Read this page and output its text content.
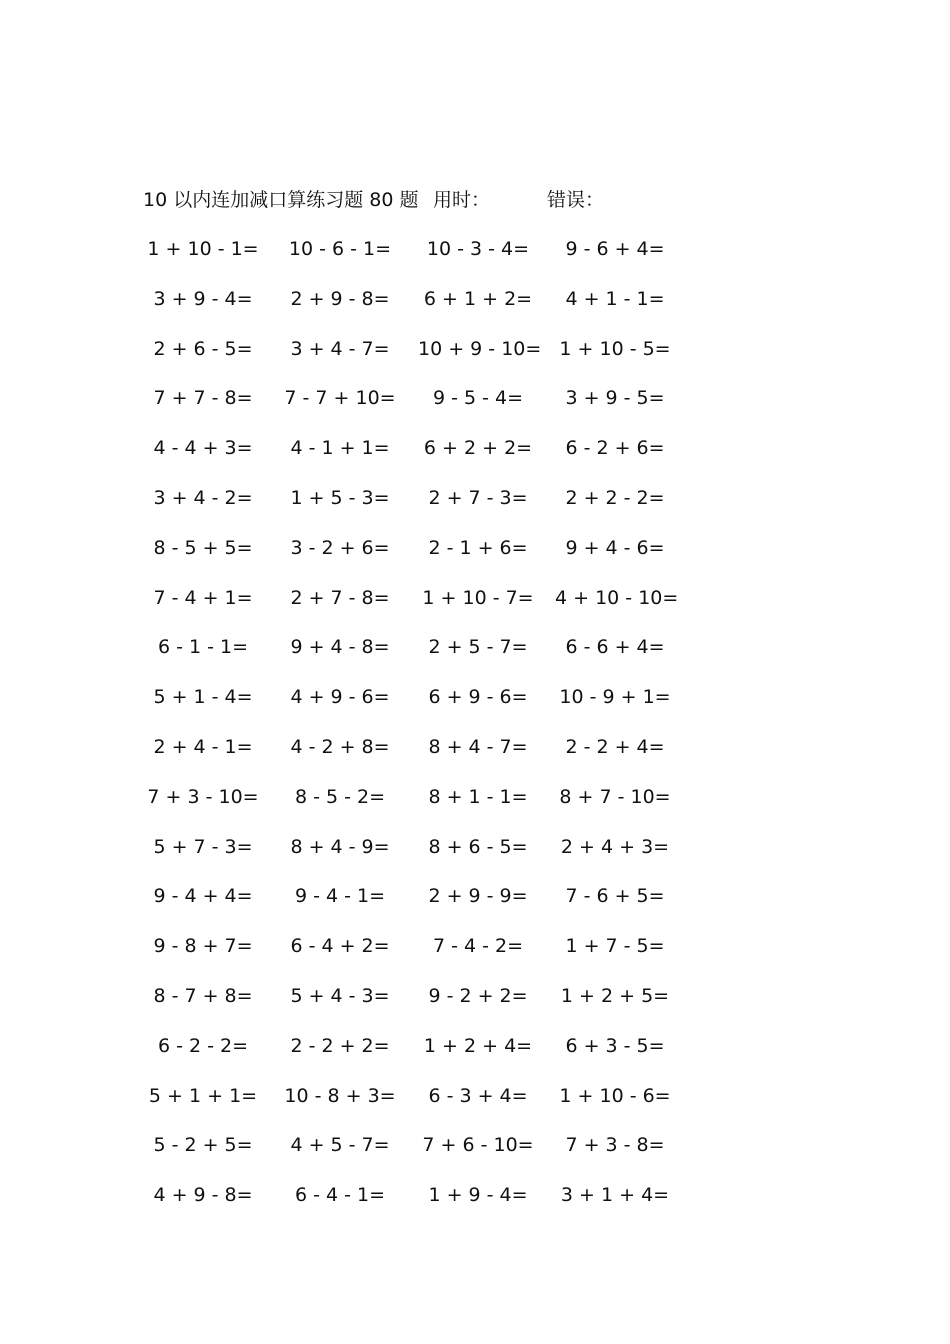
10 以内连加减口算练习题 80 题 用时：	错误：
1 + 10 - 1=	10 - 6 - 1=	10 - 3 - 4=	9 - 6 + 4=
3 + 9 - 4=	2 + 9 - 8=	6 + 1 + 2=	4 + 1 - 1=
2 + 6 - 5=	3 + 4 - 7=	10 + 9 - 10= 1 + 10 - 5=
7 + 7 - 8=	7 - 7 + 10=	9 - 5 - 4=	3 + 9 - 5=
4 - 4 + 3=	4 - 1 + 1=	6 + 2 + 2=	6 - 2 + 6=
3 + 4 - 2=	1 + 5 - 3=	2 + 7 - 3=	2 + 2 - 2=
8 - 5 + 5=	3 - 2 + 6=	2 - 1 + 6=	9 + 4 - 6=
7 - 4 + 1=	2 + 7 - 8=	1 + 10 - 7= 4 + 10 - 10=
6 - 1 - 1=	9 + 4 - 8=	2 + 5 - 7=	6 - 6 + 4=
5 + 1 - 4=	4 + 9 - 6=	6 + 9 - 6=	10 - 9 + 1=
2 + 4 - 1=	4 - 2 + 8=	8 + 4 - 7=	2 - 2 + 4=
7 + 3 - 10=	8 - 5 - 2=	8 + 1 - 1=	8 + 7 - 10=
5 + 7 - 3=	8 + 4 - 9=	8 + 6 - 5=	2 + 4 + 3=
9 - 4 + 4=	9 - 4 - 1=	2 + 9 - 9=	7 - 6 + 5=
9 - 8 + 7=	6 - 4 + 2=	7 - 4 - 2=	1 + 7 - 5=
8 - 7 + 8=	5 + 4 - 3=	9 - 2 + 2=	1 + 2 + 5=
6 - 2 - 2=	2 - 2 + 2=	1 + 2 + 4=	6 + 3 - 5=
5 + 1 + 1=	10 - 8 + 3=	6 - 3 + 4=	1 + 10 - 6=
5 - 2 + 5=	4 + 5 - 7=	7 + 6 - 10=	7 + 3 - 8=
4 + 9 - 8=	6 - 4 - 1=	1 + 9 - 4=	3 + 1 + 4=
